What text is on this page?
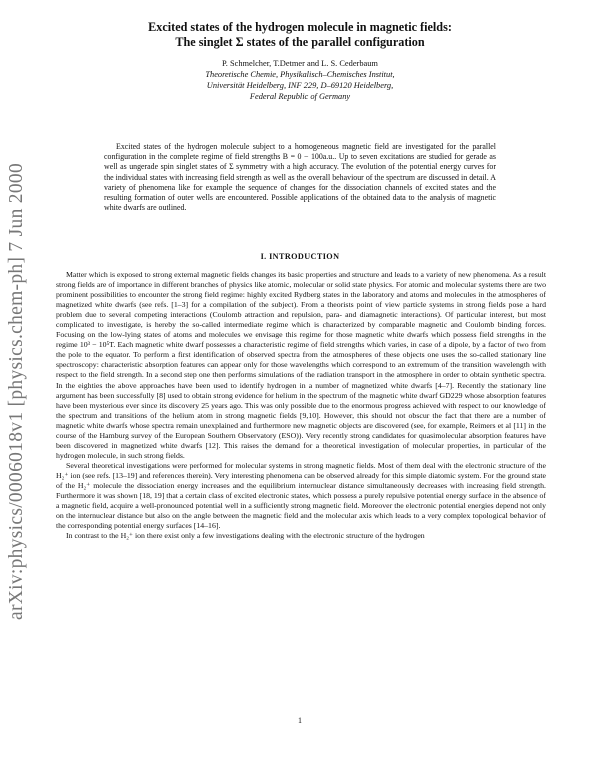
arXiv:physics/0006018v1 [physics.chem-ph] 7 Jun 2000
Excited states of the hydrogen molecule in magnetic fields:
The singlet Σ states of the parallel configuration
P. Schmelcher, T.Detmer and L. S. Cederbaum
Theoretische Chemie, Physikalisch–Chemisches Institut,
Universität Heidelberg, INF 229, D–69120 Heidelberg,
Federal Republic of Germany

Excited states of the hydrogen molecule subject to a homogeneous magnetic field are investigated for the parallel configuration in the complete regime of field strengths B = 0 − 100a.u.. Up to seven excitations are studied for gerade as well as ungerade spin singlet states of Σ symmetry with a high accuracy. The evolution of the potential energy curves for the individual states with increasing field strength as well as the overall behaviour of the spectrum are discussed in detail. A variety of phenomena like for example the sequence of changes for the dissociation channels of excited states and the resulting formation of outer wells are encountered. Possible applications of the obtained data to the analysis of magnetic white dwarfs are outlined.

I. INTRODUCTION

Matter which is exposed to strong external magnetic fields changes its basic properties and structure and leads to a variety of new phenomena. As a result strong fields are of importance in different branches of physics like atomic, molecular or solid state physics. For atomic and molecular systems there are two prominent possibilities to encounter the strong field regime: highly excited Rydberg states in the laboratory and atoms and molecules in the atmospheres of magnetized white dwarfs (see refs. [1–3] for a compilation of the subject). From a theorists point of view particle systems in strong fields pose a hard problem due to several competing interactions (Coulomb attraction and repulsion, para- and diamagnetic interactions). Of particular interest, but most complicated to investigate, is hereby the so-called intermediate regime which is characterized by comparable magnetic and Coulomb binding forces. Focusing on the low-lying states of atoms and molecules we envisage this regime for those magnetic white dwarfs which possess field strengths in the regime 10³ − 10⁵T. Each magnetic white dwarf possesses a characteristic regime of field strengths which varies, in case of a dipole, by a factor of two from the pole to the equator. To perform a first identification of observed spectra from the atmospheres of these objects one uses the so-called stationary line spectroscopy: characteristic absorption features can appear only for those wavelengths which correspond to an extremum of the transition wavelength with respect to the field strength. In a second step one then performs simulations of the radiation transport in the atmosphere in order to obtain synthetic spectra. In the eighties the above approaches have been used to identify hydrogen in a number of magnetized white dwarfs [4–7]. Recently the stationary line argument has been successfully [8] used to obtain strong evidence for helium in the spectrum of the magnetic white dwarf GD229 whose absorption features have been mysterious ever since its discovery 25 years ago. This was only possible due to the enormous progress achieved with respect to our knowledge of the spectrum and transitions of the helium atom in strong magnetic fields [9,10]. However, this should not obscur the fact that there are a number of magnetic white dwarfs whose spectra remain unexplained and furthermore new magnetic objects are discovered (see, for example, Reimers et al [11] in the course of the Hamburg survey of the European Southern Observatory (ESO)). Very recently strong candidates for quasimolecular absorption features have been discovered in magnetized white dwarfs [12]. This raises the demand for a theoretical investigation of molecular properties, in particular of the hydrogen molecule, in such strong fields.

Several theoretical investigations were performed for molecular systems in strong magnetic fields. Most of them deal with the electronic structure of the H₂⁺ ion (see refs. [13–19] and references therein). Very interesting phenomena can be observed already for this simple diatomic system. For the ground state of the H₂⁺ molecule the dissociation energy increases and the equilibrium internuclear distance simultaneously decreases with increasing field strength. Furthermore it was shown [18, 19] that a certain class of excited electronic states, which possess a purely repulsive potential energy surface in the absence of a magnetic field, acquire a well-pronounced potential well in a sufficiently strong magnetic field. Moreover the electronic potential energies depend not only on the internuclear distance but also on the angle between the magnetic field and the molecular axis which leads to a very complex topological behavior of the corresponding potential energy surfaces [14–16].

In contrast to the H₂⁺ ion there exist only a few investigations dealing with the electronic structure of the hydrogen

1
